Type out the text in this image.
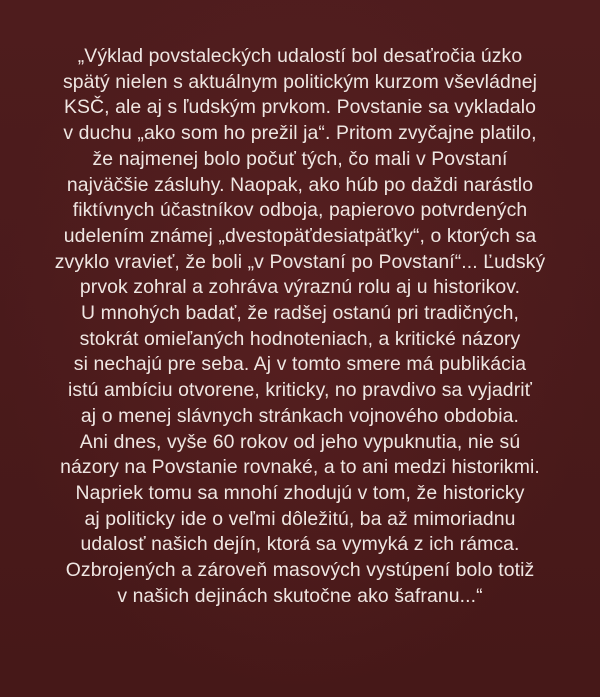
„Výklad povstaleckých udalostí bol desaťročia úzko
spätý nielen s aktuálnym politickým kurzom vševládnej
KSČ, ale aj s ľudským prvkom. Povstanie sa vykladalo
v duchu „ako som ho prežil ja“. Pritom zvyčajne platilo,
že najmenej bolo počuť tých, čo mali v Povstaní
najväčšie zásluhy. Naopak, ako húb po daždi narástlo
fiktívnych účastníkov odboja, papierovo potvrdených
udelením známej „dvestopäťdesiatpäťky“, o ktorých sa
zvyklo vravieť, že boli „v Povstaní po Povstaní“... Ľudský
prvok zohral a zohráva výraznú rolu aj u historikov.
U mnohých badať, že radšej ostanú pri tradičných,
stokrát omieľaných hodnoteniach, a kritické názory
si nechajú pre seba. Aj v tomto smere má publikácia
istú ambíciu otvorene, kriticky, no pravdivo sa vyjadriť
aj o menej slávnych stránkach vojnového obdobia.
Ani dnes, vyše 60 rokov od jeho vypuknutia, nie sú
názory na Povstanie rovnaké, a to ani medzi historikmi.
Napriek tomu sa mnohí zhodujú v tom, že historicky
aj politicky ide o veľmi dôležitú, ba až mimoriadnu
udalosť našich dejín, ktorá sa vymyká z ich rámca.
Ozbrojených a zároveň masových vystúpení bolo totiž
v našich dejinách skutočne ako šafranu...“
